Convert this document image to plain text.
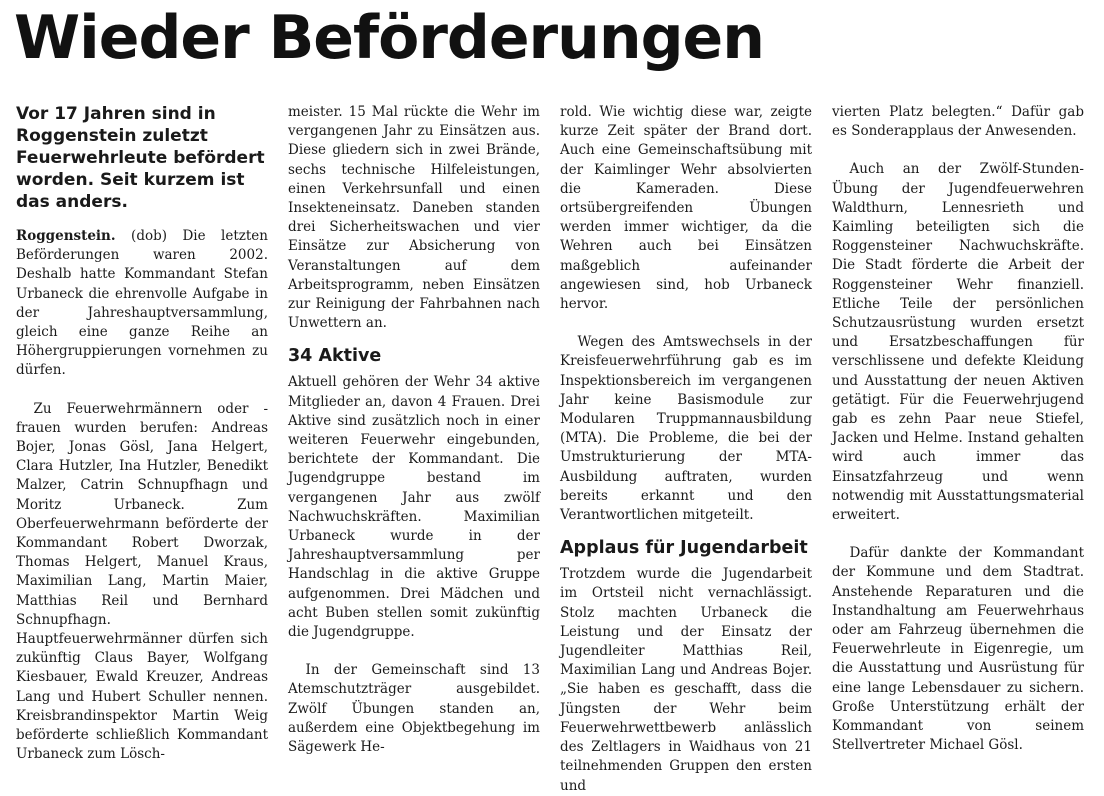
Wieder Beförderungen

Vor 17 Jahren sind in Roggenstein zuletzt Feuerwehrleute befördert worden. Seit kurzem ist das anders.

Roggenstein. (dob) Die letzten Beförderungen waren 2002. Deshalb hatte Kommandant Stefan Urbaneck die ehrenvolle Aufgabe in der Jahreshauptversammlung, gleich eine ganze Reihe an Höhergruppierungen vornehmen zu dürfen.

Zu Feuerwehrmännern oder -frauen wurden berufen: Andreas Bojer, Jonas Gösl, Jana Helgert, Clara Hutzler, Ina Hutzler, Benedikt Malzer, Catrin Schnupfhagn und Moritz Urbaneck. Zum Oberfeuerwehrmann beförderte der Kommandant Robert Dworzak, Thomas Helgert, Manuel Kraus, Maximilian Lang, Martin Maier, Matthias Reil und Bernhard Schnupfhagn. Hauptfeuerwehrmänner dürfen sich zukünftig Claus Bayer, Wolfgang Kiesbauer, Ewald Kreuzer, Andreas Lang und Hubert Schuller nennen. Kreisbrandinspektor Martin Weig beförderte schließlich Kommandant Urbaneck zum Lösch-

meister. 15 Mal rückte die Wehr im vergangenen Jahr zu Einsätzen aus. Diese gliedern sich in zwei Brände, sechs technische Hilfeleistungen, einen Verkehrsunfall und einen Insekteneinsatz. Daneben standen drei Sicherheitswachen und vier Einsätze zur Absicherung von Veranstaltungen auf dem Arbeitsprogramm, neben Einsätzen zur Reinigung der Fahrbahnen nach Unwettern an.

34 Aktive

Aktuell gehören der Wehr 34 aktive Mitglieder an, davon 4 Frauen. Drei Aktive sind zusätzlich noch in einer weiteren Feuerwehr eingebunden, berichtete der Kommandant. Die Jugendgruppe bestand im vergangenen Jahr aus zwölf Nachwuchskräften. Maximilian Urbaneck wurde in der Jahreshauptversammlung per Handschlag in die aktive Gruppe aufgenommen. Drei Mädchen und acht Buben stellen somit zukünftig die Jugendgruppe.

In der Gemeinschaft sind 13 Atemschutzträger ausgebildet. Zwölf Übungen standen an, außerdem eine Objektbegehung im Sägewerk He-

rold. Wie wichtig diese war, zeigte kurze Zeit später der Brand dort. Auch eine Gemeinschaftsübung mit der Kaimlinger Wehr absolvierten die Kameraden. Diese ortsübergreifenden Übungen werden immer wichtiger, da die Wehren auch bei Einsätzen maßgeblich aufeinander angewiesen sind, hob Urbaneck hervor.

Wegen des Amtswechsels in der Kreisfeuerwehrführung gab es im Inspektionsbereich im vergangenen Jahr keine Basismodule zur Modularen Truppmannausbildung (MTA). Die Probleme, die bei der Umstrukturierung der MTA-Ausbildung auftraten, wurden bereits erkannt und den Verantwortlichen mitgeteilt.

Applaus für Jugendarbeit

Trotzdem wurde die Jugendarbeit im Ortsteil nicht vernachlässigt. Stolz machten Urbaneck die Leistung und der Einsatz der Jugendleiter Matthias Reil, Maximilian Lang und Andreas Bojer. „Sie haben es geschafft, dass die Jüngsten der Wehr beim Feuerwehrwettbewerb anlässlich des Zeltlagers in Waidhaus von 21 teilnehmenden Gruppen den ersten und

vierten Platz belegten.“ Dafür gab es Sonderapplaus der Anwesenden.

Auch an der Zwölf-Stunden-Übung der Jugendfeuerwehren Waldthurn, Lennesrieth und Kaimling beteiligten sich die Roggensteiner Nachwuchskräfte. Die Stadt förderte die Arbeit der Roggensteiner Wehr finanziell. Etliche Teile der persönlichen Schutzausrüstung wurden ersetzt und Ersatzbeschaffungen für verschlissene und defekte Kleidung und Ausstattung der neuen Aktiven getätigt. Für die Feuerwehrjugend gab es zehn Paar neue Stiefel, Jacken und Helme. Instand gehalten wird auch immer das Einsatzfahrzeug und wenn notwendig mit Ausstattungsmaterial erweitert.

Dafür dankte der Kommandant der Kommune und dem Stadtrat. Anstehende Reparaturen und die Instandhaltung am Feuerwehrhaus oder am Fahrzeug übernehmen die Feuerwehrleute in Eigenregie, um die Ausstattung und Ausrüstung für eine lange Lebensdauer zu sichern. Große Unterstützung erhält der Kommandant von seinem Stellvertreter Michael Gösl.
